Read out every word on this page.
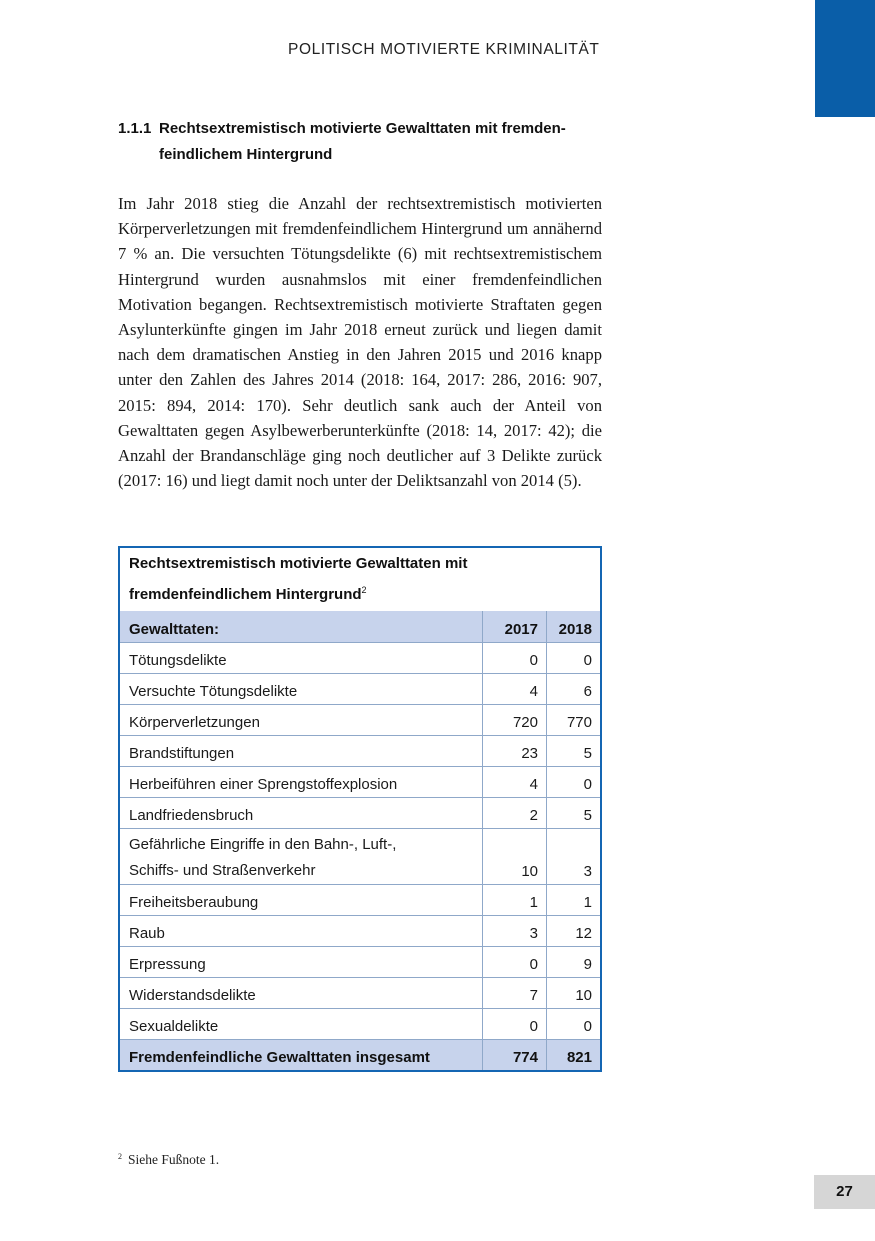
POLITISCH MOTIVIERTE KRIMINALITÄT
1.1.1 Rechtsextremistisch motivierte Gewalttaten mit fremdenfeindlichem Hintergrund

Im Jahr 2018 stieg die Anzahl der rechtsextremistisch motivierten Körperverletzungen mit fremdenfeindlichem Hintergrund um annähernd 7 % an. Die versuchten Tötungsdelikte (6) mit rechtsextremistischem Hintergrund wurden ausnahmslos mit einer fremdenfeindlichen Motivation begangen. Rechtsextremistisch motivierte Straftaten gegen Asylunterkünfte gingen im Jahr 2018 erneut zurück und liegen damit nach dem dramatischen Anstieg in den Jahren 2015 und 2016 knapp unter den Zahlen des Jahres 2014 (2018: 164, 2017: 286, 2016: 907, 2015: 894, 2014: 170). Sehr deutlich sank auch der Anteil von Gewalttaten gegen Asylbewerberunterkünfte (2018: 14, 2017: 42); die Anzahl der Brandanschläge ging noch deutlicher auf 3 Delikte zurück (2017: 16) und liegt damit noch unter der Deliktsanzahl von 2014 (5).

Rechtsextremistisch motivierte Gewalttaten mit fremdenfeindlichem Hintergrund$^2$
Gewalttaten:	2017	2018
Tötungsdelikte	0	0
Versuchte Tötungsdelikte	4	6
Körperverletzungen	720	770
Brandstiftungen	23	5
Herbeiführen einer Sprengstoffexplosion	4	0
Landfriedensbruch	2	5
Gefährliche Eingriffe in den Bahn-, Luft-,
Schiffs- und Straßenverkehr	10	3
Freiheitsberaubung	1	1
Raub	3	12
Erpressung	0	9
Widerstandsdelikte	7	10
Sexualdelikte	0	0
Fremdenfeindliche Gewalttaten insgesamt	774	821
$^2$ Siehe Fußnote 1.
27
